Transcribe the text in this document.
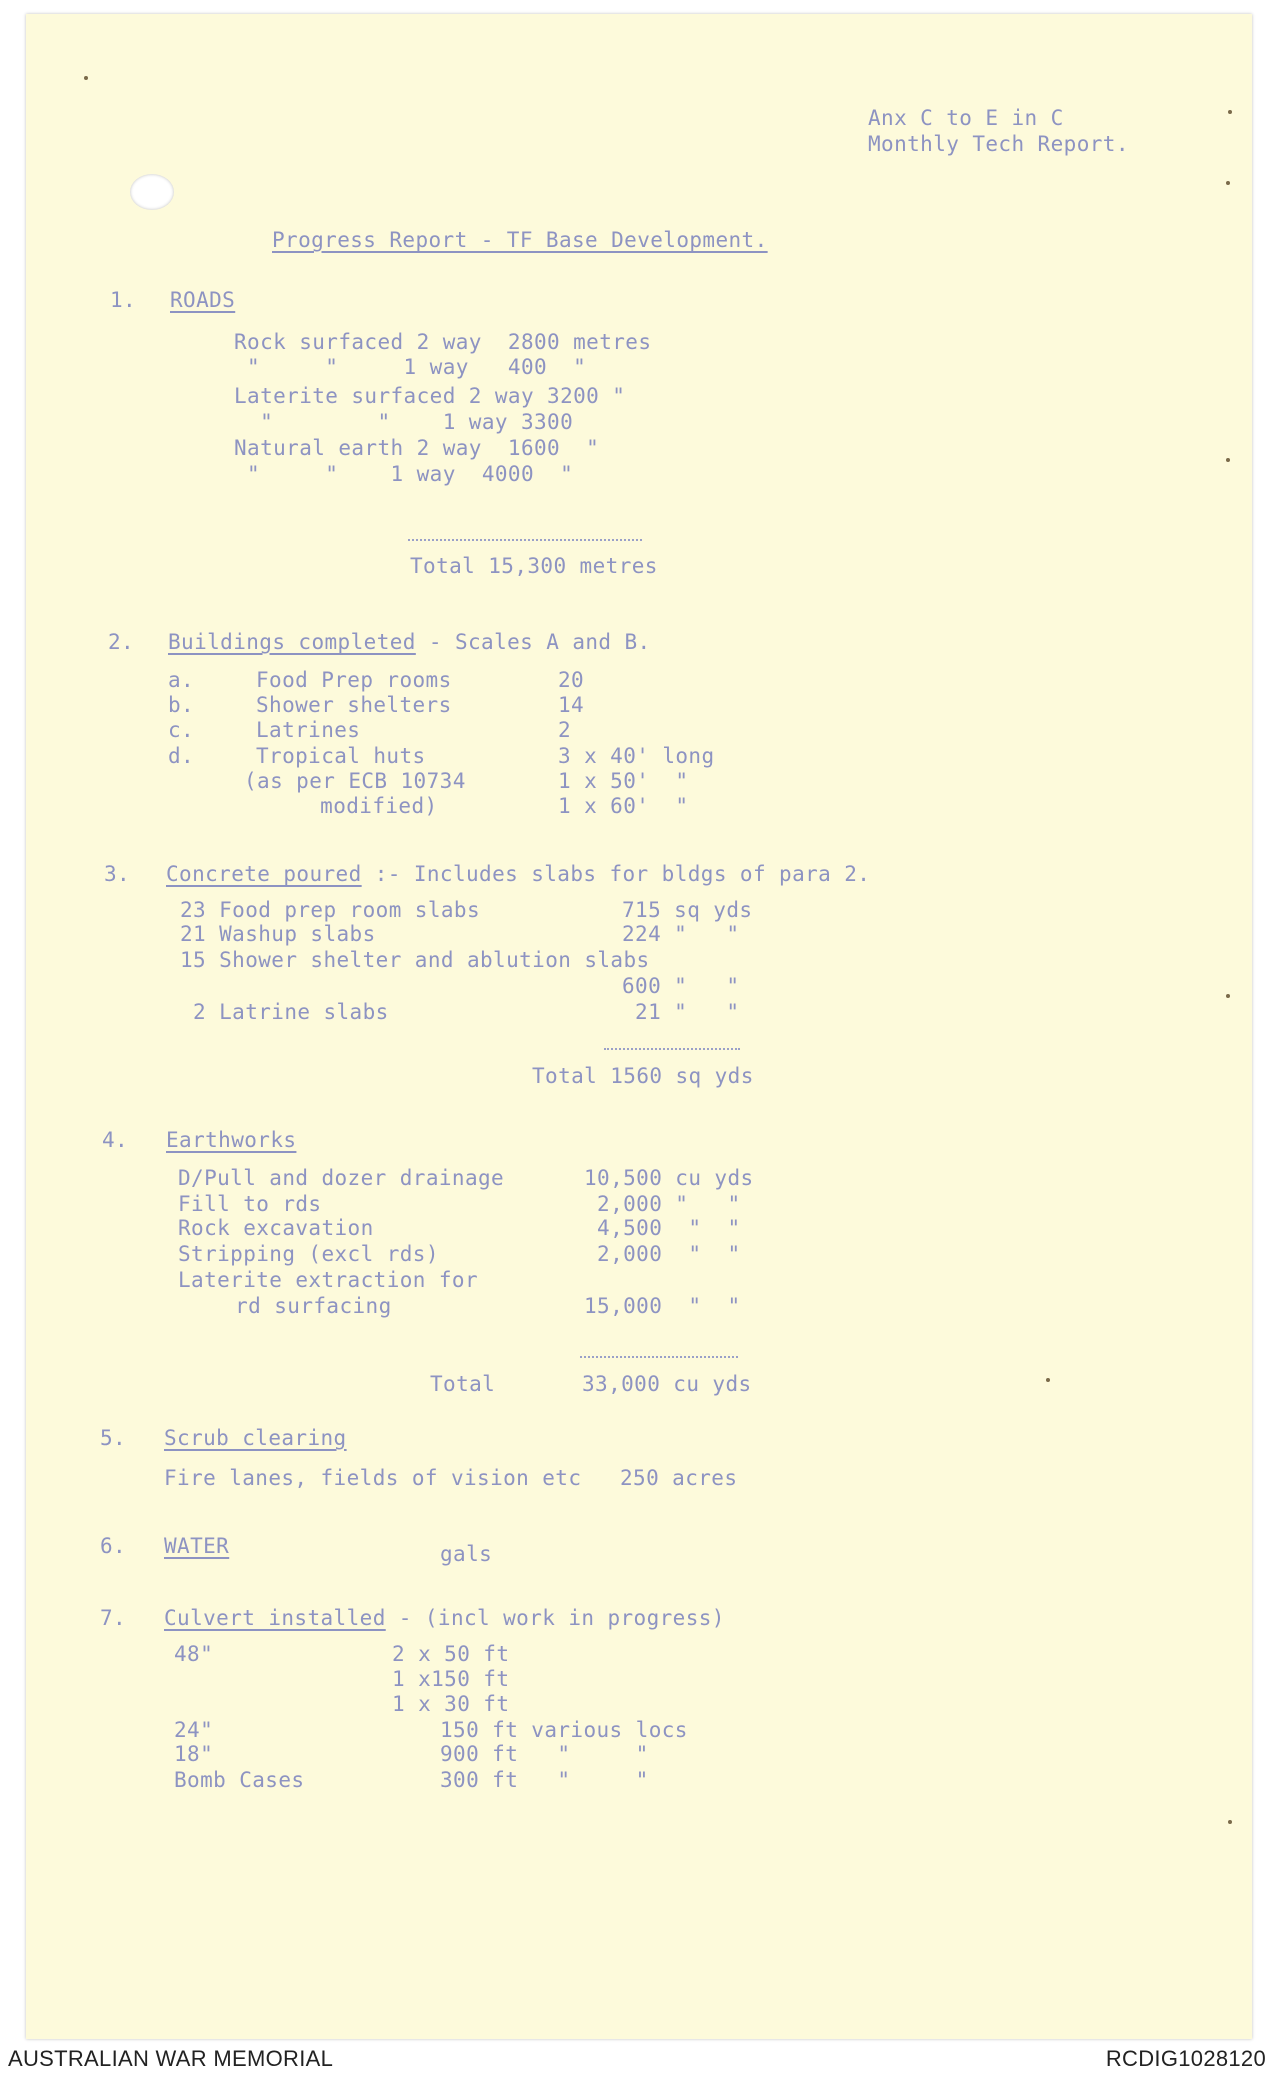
Anx C to E in C
Monthly Tech Report.
Progress Report - TF Base Development.
1. ROADS
Rock surfaced 2 way  2800 metres
"     "     1 way   400  "
Laterite surfaced 2 way 3200 "
"        "    1 way 3300
Natural earth 2 way  1600  "
"     "    1 way  4000  "
Total 15,300 metres
2. Buildings completed - Scales A and B.
a.	Food Prep rooms	20
b.	Shower shelters	14
c.	Latrines	2
d.	Tropical huts	3 x 40' long
(as per ECB 10734	1 x 50'  "
modified)	1 x 60'  "
3. Concrete poured :- Includes slabs for bldgs of para 2.
23 Food prep room slabs	715 sq yds
21 Washup slabs	224 "   "
15 Shower shelter and ablution slabs
600 "   "
2 Latrine slabs	21 "   "
Total 1560 sq yds
4. Earthworks
D/Pull and dozer drainage	10,500 cu yds
Fill to rds	2,000 "   "
Rock excavation	4,500  "  "
Stripping (excl rds)	2,000  "  "
Laterite extraction for
rd surfacing	15,000  "  "
Total	33,000 cu yds
5. Scrub clearing
Fire lanes, fields of vision etc 250 acres
6. WATER	gals
7. Culvert installed - (incl work in progress)
48"	2 x 50 ft
1 x150 ft
1 x 30 ft
24"	150 ft various locs
18"	900 ft   "     "
Bomb Cases	300 ft   "     "
AUSTRALIAN WAR MEMORIAL	RCDIG1028120
